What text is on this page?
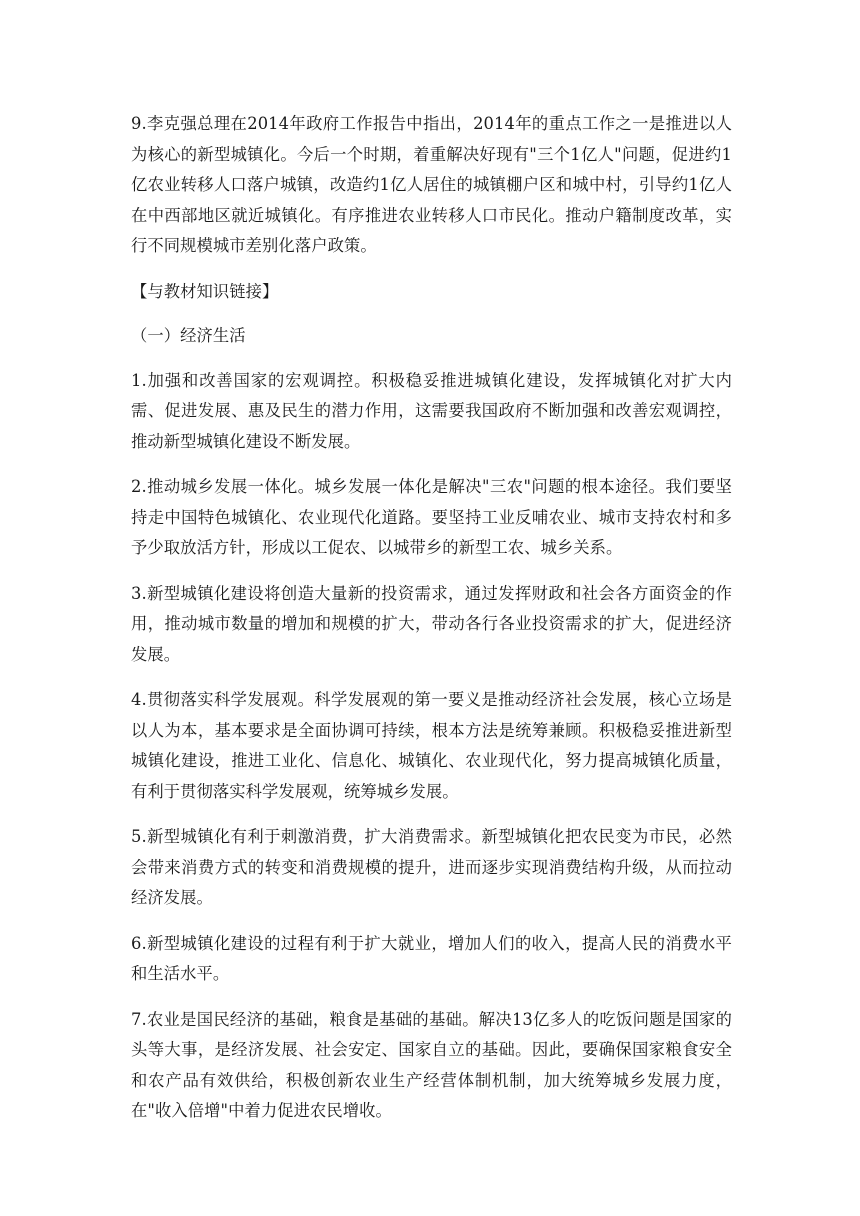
9.李克强总理在2014年政府工作报告中指出，2014年的重点工作之一是推进以人为核心的新型城镇化。今后一个时期，着重解决好现有"三个1亿人"问题，促进约1亿农业转移人口落户城镇，改造约1亿人居住的城镇棚户区和城中村，引导约1亿人在中西部地区就近城镇化。有序推进农业转移人口市民化。推动户籍制度改革，实行不同规模城市差别化落户政策。

【与教材知识链接】

（一）经济生活

1.加强和改善国家的宏观调控。积极稳妥推进城镇化建设，发挥城镇化对扩大内需、促进发展、惠及民生的潜力作用，这需要我国政府不断加强和改善宏观调控，推动新型城镇化建设不断发展。

2.推动城乡发展一体化。城乡发展一体化是解决"三农"问题的根本途径。我们要坚持走中国特色城镇化、农业现代化道路。要坚持工业反哺农业、城市支持农村和多予少取放活方针，形成以工促农、以城带乡的新型工农、城乡关系。

3.新型城镇化建设将创造大量新的投资需求，通过发挥财政和社会各方面资金的作用，推动城市数量的增加和规模的扩大，带动各行各业投资需求的扩大，促进经济发展。

4.贯彻落实科学发展观。科学发展观的第一要义是推动经济社会发展，核心立场是以人为本，基本要求是全面协调可持续，根本方法是统筹兼顾。积极稳妥推进新型城镇化建设，推进工业化、信息化、城镇化、农业现代化，努力提高城镇化质量，有利于贯彻落实科学发展观，统筹城乡发展。

5.新型城镇化有利于刺激消费，扩大消费需求。新型城镇化把农民变为市民，必然会带来消费方式的转变和消费规模的提升，进而逐步实现消费结构升级，从而拉动经济发展。

6.新型城镇化建设的过程有利于扩大就业，增加人们的收入，提高人民的消费水平和生活水平。

7.农业是国民经济的基础，粮食是基础的基础。解决13亿多人的吃饭问题是国家的头等大事，是经济发展、社会安定、国家自立的基础。因此，要确保国家粮食安全和农产品有效供给，积极创新农业生产经营体制机制，加大统筹城乡发展力度，在"收入倍增"中着力促进农民增收。
